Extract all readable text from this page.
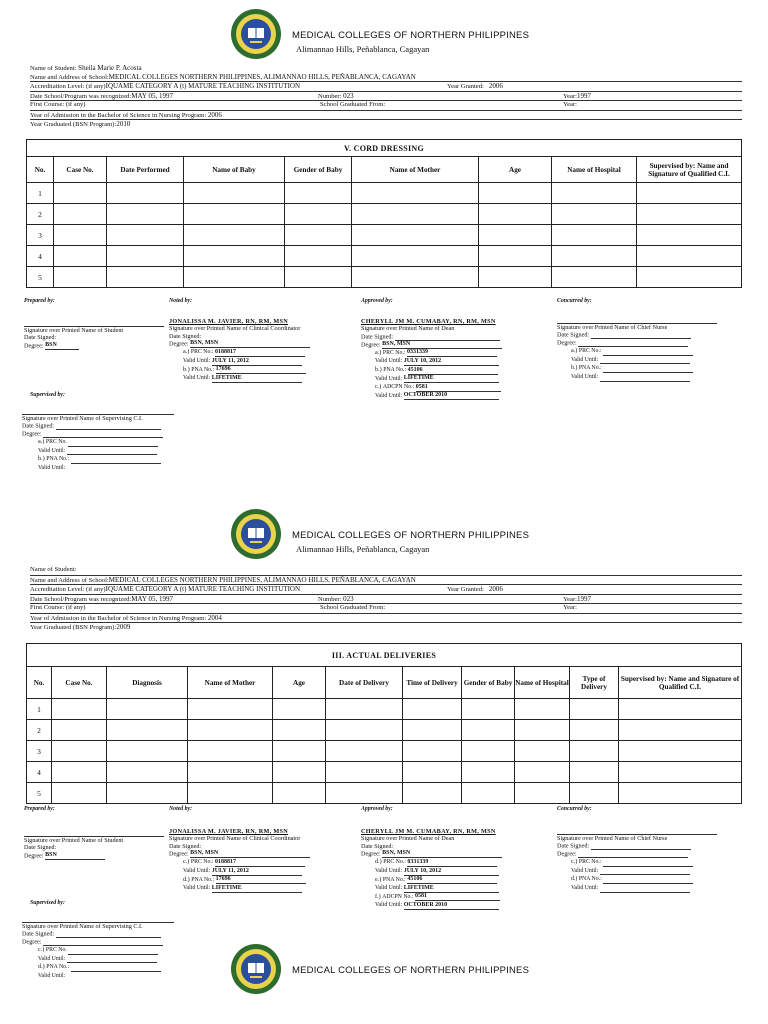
MEDICAL COLLEGES OF NORTHERN PHILIPPINES
Alimannao Hills, Peñablanca, Cagayan
Name of Student: Sheila Marie P. Acosta
Name and Address of School:MEDICAL COLLEGES NORTHERN PHILIPPINES, ALIMANNAO HILLS, PEÑABLANCA, CAGAYAN
Accreditation Level: (if any)IQUAME CATEGORY A (t) MATURE TEACHING INSTITUTION	Year Granted: 2006
Date School/Program was recognized:MAY 05, 1997	Number: 023	Year:1997
First Course: (if any)	School Graduated From:	Year:
Year of Admission in the Bachelor of Science in Nursing Program: 2006
Year Graduated (BSN Program):2010
V. CORD DRESSING								
No.	Case No.	Date Performed	Name of Baby	Gender of Baby	Name of Mother	Age	Name of Hospital	Supervised by: Name and Signature of Qualified C.I.
1								
2								
3								
4								
5								
Prepared by:
Signature over Printed Name of Student
Date Signed:
Degree: BSN
Noted by:
JONALISSA M. JAVIER, RN, RM, MSN
Signature over Printed Name of Clinical Coordinator
Date Signed:
Degree: BSN, MSN
a.) PRC No.: 0188817
Valid Until: JULY 11, 2012
b.) PNA No.: 17696
Valid Until: LIFETIME
Approved by:
CHERYLL JM M. CUMABAY, RN, RM, MSN
Signature over Printed Name of Dean
Date Signed:
Degree: BSN, MSN
a.) PRC No.: 0331339
Valid Until: JULY 10, 2012
b.) PNA No.: 45106
Valid Until: LIFETIME
c.) ADCPN No.: 0581
Valid Until: OCTOBER 2010
Concurred by:
Signature over Printed Name of Chief Nurse
Date Signed:
Degree:
a.) PRC No.:
Valid Until:
b.) PNA No.:
Valid Until:
Supervised by:
Signature over Printed Name of Supervising C.I.
Date Signed:
Degree:
a.) PRC No.
Valid Until:
b.) PNA No.:
Valid Until:
MEDICAL COLLEGES OF NORTHERN PHILIPPINES
Alimannao Hills, Peñablanca, Cagayan
Name of Student:
Name and Address of School:MEDICAL COLLEGES NORTHERN PHILIPPINES, ALIMANNAO HILLS, PEÑABLANCA, CAGAYAN
Accreditation Level: (if any)IQUAME CATEGORY A (t) MATURE TEACHING INSTITUTION	Year Granted: 2006
Date School/Program was recognized:MAY 05, 1997	Number: 023	Year:1997
First Course: (if any)	School Graduated From:	Year:
Year of Admission in the Bachelor of Science in Nursing Program: 2004
Year Graduated (BSN Program):2009
III. ACTUAL DELIVERIES										
No.	Case No.	Diagnosis	Name of Mother	Age	Date of Delivery	Time of Delivery	Gender of Baby	Name of Hospital	Type of Delivery	Supervised by: Name and Signature of Qualified C.I.
1										
2										
3										
4										
5										
Prepared by:
Signature over Printed Name of Student
Date Signed:
Degree: BSN
Noted by:
JONALISSA M. JAVIER, RN, RM, MSN
Signature over Printed Name of Clinical Coordinator
Date Signed:
Degree: BSN, MSN
c.) PRC No.: 0188817
Valid Until: JULY 11, 2012
d.) PNA No.: 17696
Valid Until: LIFETIME
Approved by:
CHERYLL JM M. CUMABAY, RN, RM, MSN
Signature over Printed Name of Dean
Date Signed:
Degree: BSN, MSN
d.) PRC No.: 0331339
Valid Until: JULY 10, 2012
e.) PNA No.: 45106
Valid Until: LIFETIME
f.) ADCPN No.: 0581
Valid Until: OCTOBER 2010
Concurred by:
Signature over Printed Name of Chief Nurse
Date Signed:
Degree:
c.) PRC No.:
Valid Until:
d.) PNA No.:
Valid Until:
Supervised by:
Signature over Printed Name of Supervising C.I.
Date Signed:
Degree:
c.) PRC No.
Valid Until:
d.) PNA No.:
Valid Until:	MEDICAL COLLEGES OF NORTHERN PHILIPPINES
